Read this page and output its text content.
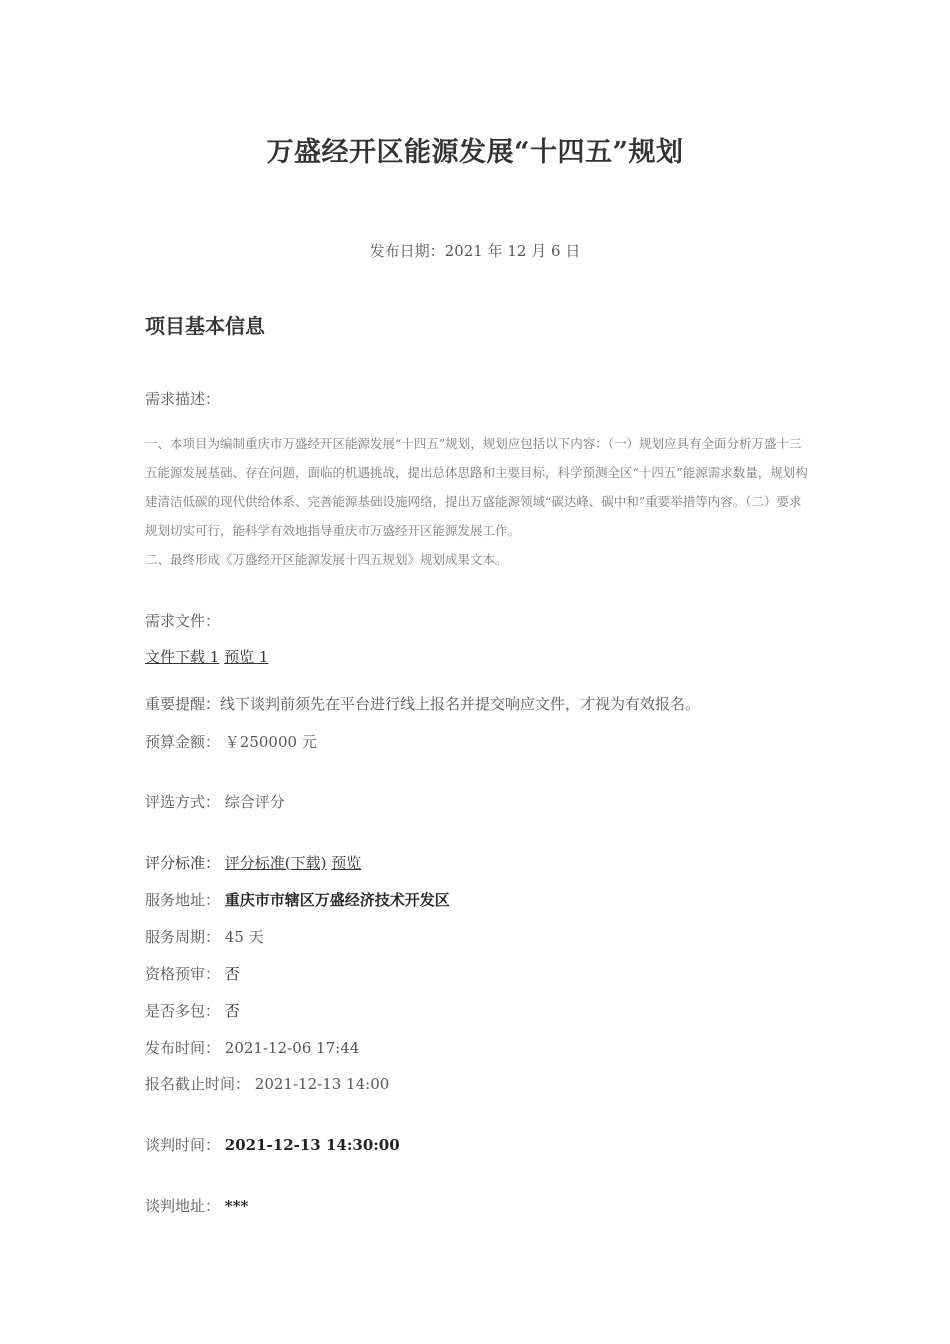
万盛经开区能源发展“十四五”规划
发布日期：2021 年 12 月 6 日
项目基本信息
需求描述：

一、本项目为编制重庆市万盛经开区能源发展“十四五”规划，规划应包括以下内容：（一）规划应具有全面分析万盛十三五能源发展基础、存在问题，面临的机遇挑战，提出总体思路和主要目标，科学预测全区“十四五”能源需求数量，规划构建清洁低碳的现代供给体系、完善能源基础设施网络，提出万盛能源领域“碳达峰、碳中和”重要举措等内容。（二）要求规划切实可行，能科学有效地指导重庆市万盛经开区能源发展工作。

二、最终形成《万盛经开区能源发展十四五规划》规划成果文本。

需求文件：
文件下载 1 预览 1
重要提醒：线下谈判前须先在平台进行线上报名并提交响应文件，才视为有效报名。
预算金额： ￥250000 元
评选方式： 综合评分
评分标准： 评分标准(下载) 预览
服务地址： 重庆市市辖区万盛经济技术开发区
服务周期： 45 天
资格预审： 否
是否多包： 否
发布时间： 2021-12-06 17:44
报名截止时间： 2021-12-13 14:00
谈判时间： 2021-12-13 14:30:00
谈判地址： ***
